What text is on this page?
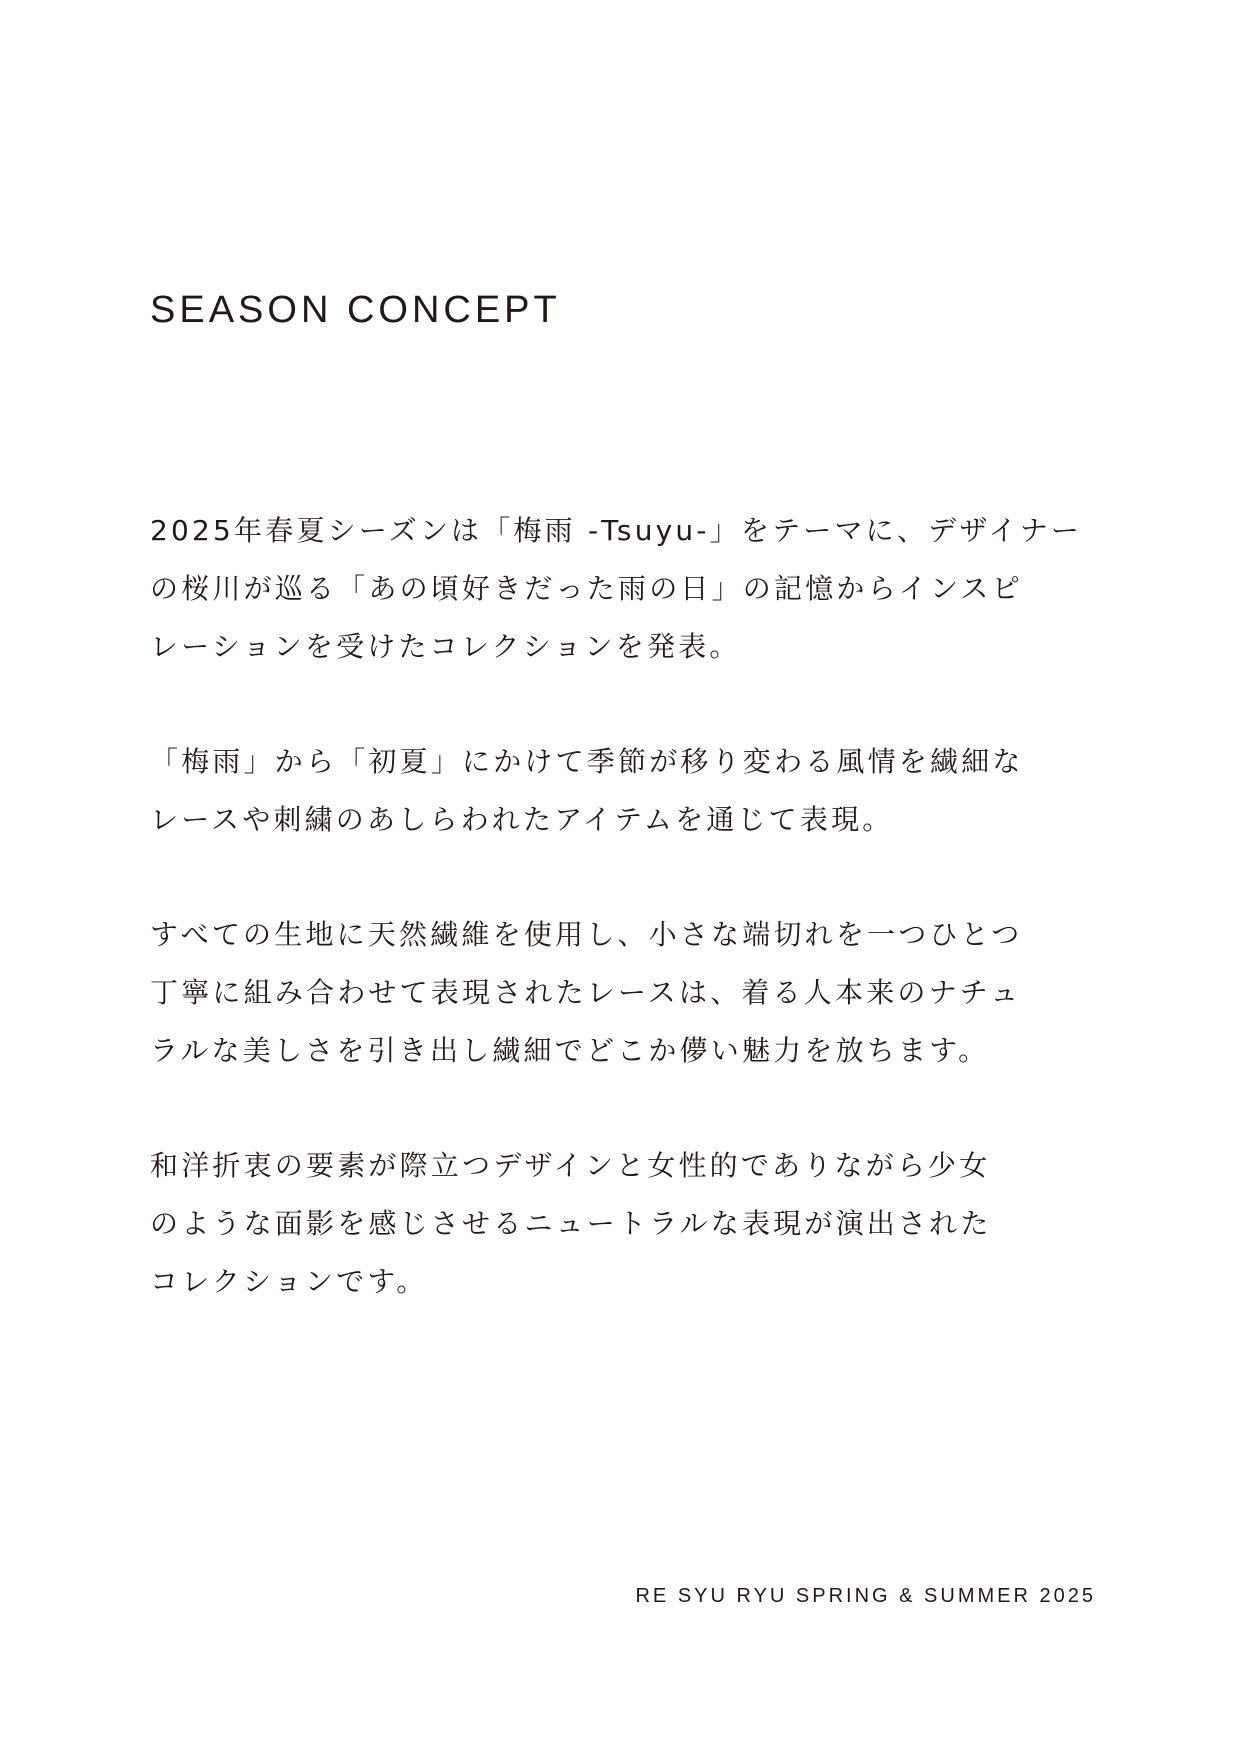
SEASON CONCEPT

2025年春夏シーズンは「梅雨 -Tsuyu-」をテーマに、デザイナー
の桜川が巡る「あの頃好きだった雨の日」の記憶からインスピ
レーションを受けたコレクションを発表。

「梅雨」から「初夏」にかけて季節が移り変わる風情を繊細な
レースや刺繍のあしらわれたアイテムを通じて表現。

すべての生地に天然繊維を使用し、小さな端切れを一つひとつ
丁寧に組み合わせて表現されたレースは、着る人本来のナチュ
ラルな美しさを引き出し繊細でどこか儚い魅力を放ちます。

和洋折衷の要素が際立つデザインと女性的でありながら少女
のような面影を感じさせるニュートラルな表現が演出された
コレクションです。

RE SYU RYU SPRING & SUMMER 2025
